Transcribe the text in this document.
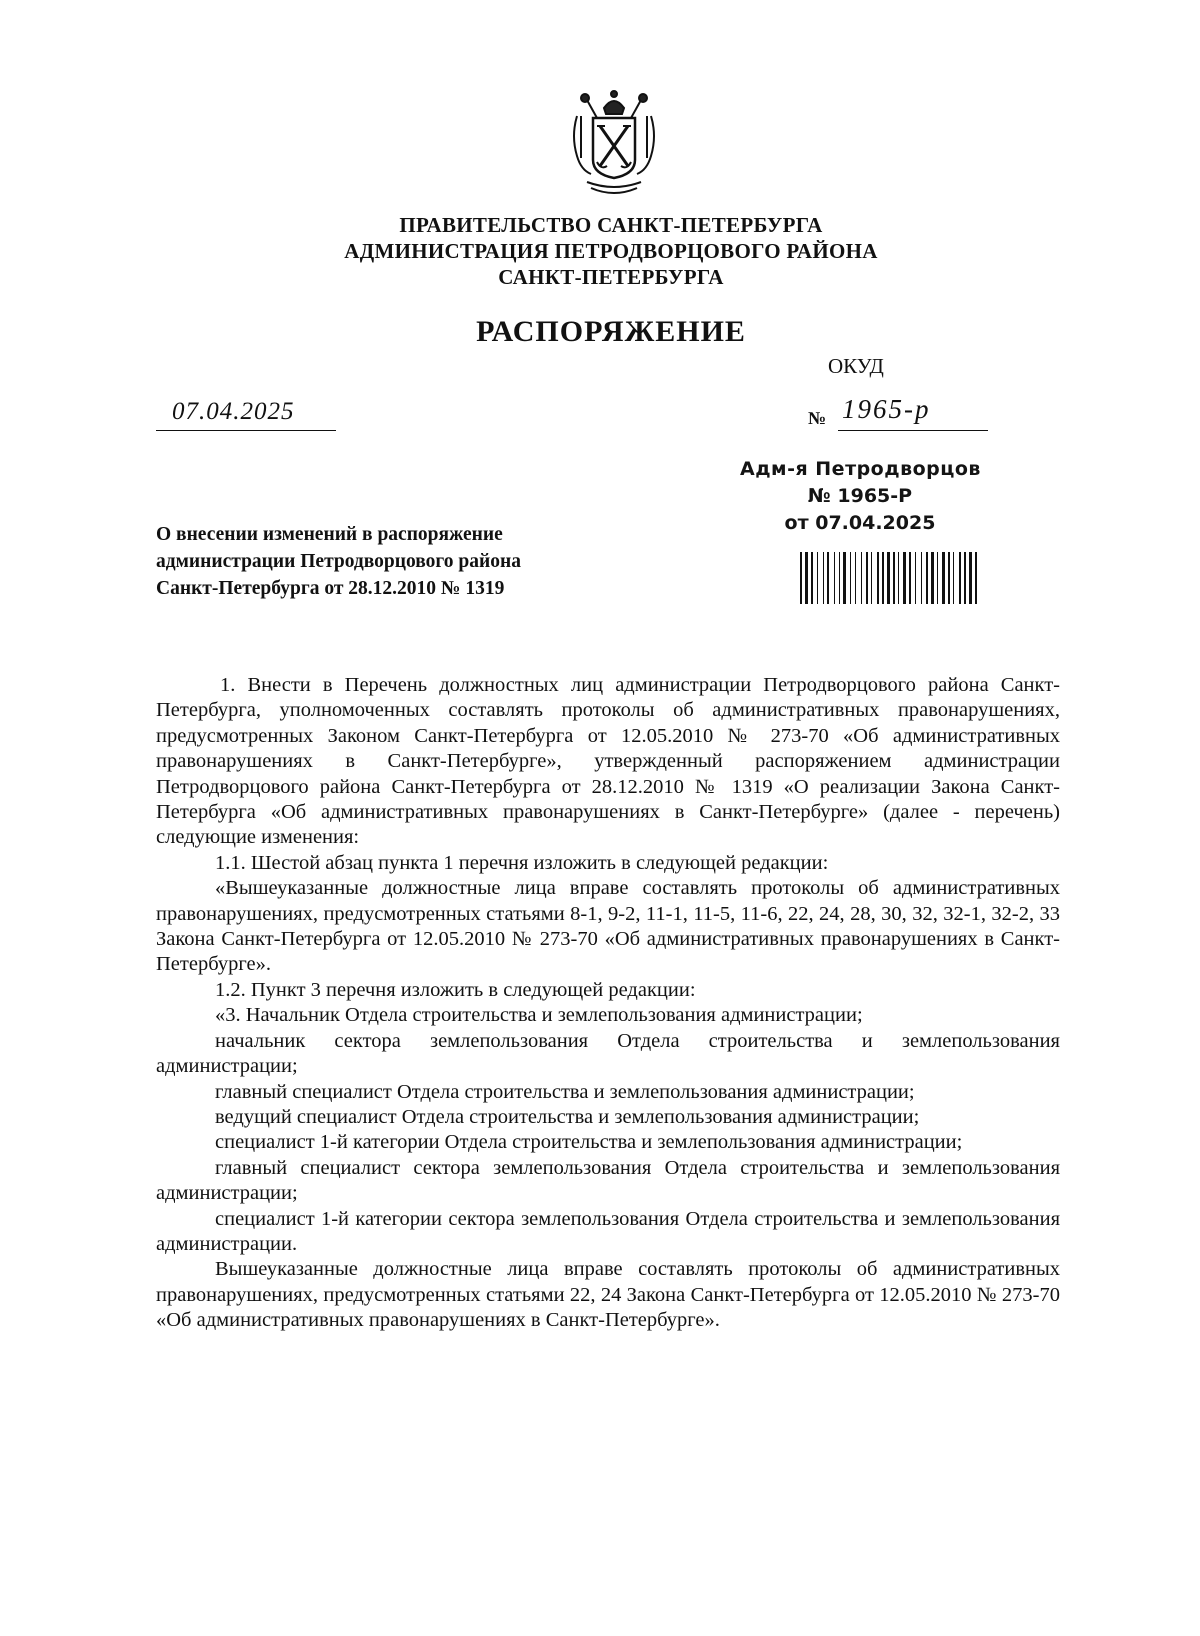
ПРАВИТЕЛЬСТВО САНКТ-ПЕТЕРБУРГА
АДМИНИСТРАЦИЯ ПЕТРОДВОРЦОВОГО РАЙОНА
САНКТ-ПЕТЕРБУРГА
РАСПОРЯЖЕНИЕ
ОКУД
07.04.2025	№ 1965-р
Адм-я Петродворцов
№ 1965-Р
от 07.04.2025
О внесении изменений в распоряжение
администрации Петродворцового района
Санкт-Петербурга от 28.12.2010 № 1319

1. Внести в Перечень должностных лиц администрации Петродворцового района Санкт-Петербурга, уполномоченных составлять протоколы об административных правонарушениях, предусмотренных Законом Санкт-Петербурга от 12.05.2010 № 273-70 «Об административных правонарушениях в Санкт-Петербурге», утвержденный распоряжением администрации Петродворцового района Санкт-Петербурга от 28.12.2010 № 1319 «О реализации Закона Санкт-Петербурга «Об административных правонарушениях в Санкт-Петербурге» (далее - перечень) следующие изменения:

1.1. Шестой абзац пункта 1 перечня изложить в следующей редакции:

«Вышеуказанные должностные лица вправе составлять протоколы об административных правонарушениях, предусмотренных статьями 8-1, 9-2, 11-1, 11-5, 11-6, 22, 24, 28, 30, 32, 32-1, 32-2, 33 Закона Санкт-Петербурга от 12.05.2010 № 273-70 «Об административных правонарушениях в Санкт-Петербурге».

1.2. Пункт 3 перечня изложить в следующей редакции:

«3. Начальник Отдела строительства и землепользования администрации;

начальник сектора землепользования Отдела строительства и землепользования администрации;

главный специалист Отдела строительства и землепользования администрации;

ведущий специалист Отдела строительства и землепользования администрации;

специалист 1-й категории Отдела строительства и землепользования администрации;

главный специалист сектора землепользования Отдела строительства и землепользования администрации;

специалист 1-й категории сектора землепользования Отдела строительства и землепользования администрации.

Вышеуказанные должностные лица вправе составлять протоколы об административных правонарушениях, предусмотренных статьями 22, 24 Закона Санкт-Петербурга от 12.05.2010 № 273-70 «Об административных правонарушениях в Санкт-Петербурге».
